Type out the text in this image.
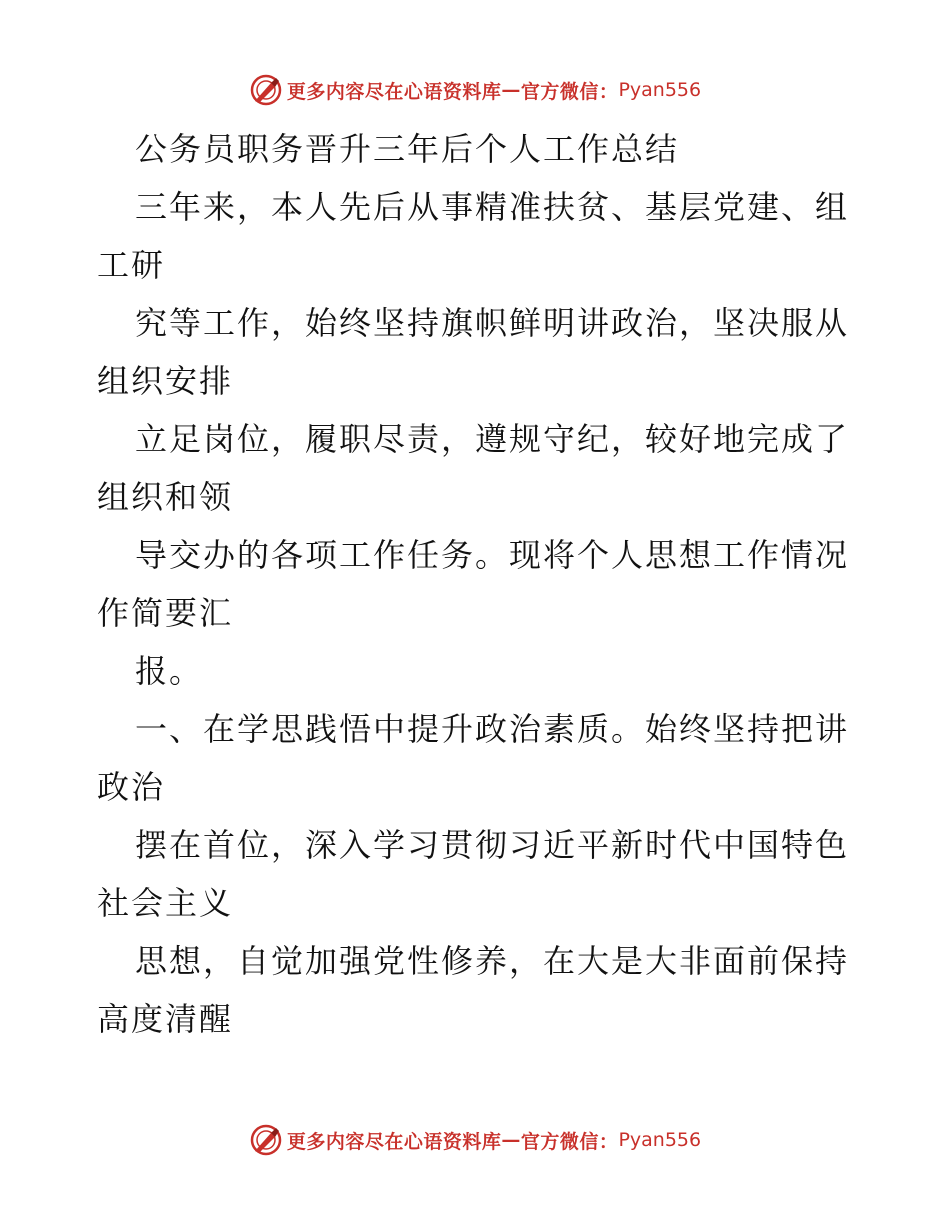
更多内容尽在心语资料库 — 官方微信： Pyan556
公务员职务晋升三年后个人工作总结
三年来，本人先后从事精准扶贫、基层党建、组
工研
究等工作，始终坚持旗帜鲜明讲政治，坚决服从
组织安排
立足岗位，履职尽责，遵规守纪，较好地完成了
组织和领
导交办的各项工作任务。现将个人思想工作情况
作简要汇
报。
一、在学思践悟中提升政治素质。始终坚持把讲
政治
摆在首位，深入学习贯彻习近平新时代中国特色
社会主义
思想，自觉加强党性修养，在大是大非面前保持
高度清醒
更多内容尽在心语资料库 — 官方微信： Pyan556
